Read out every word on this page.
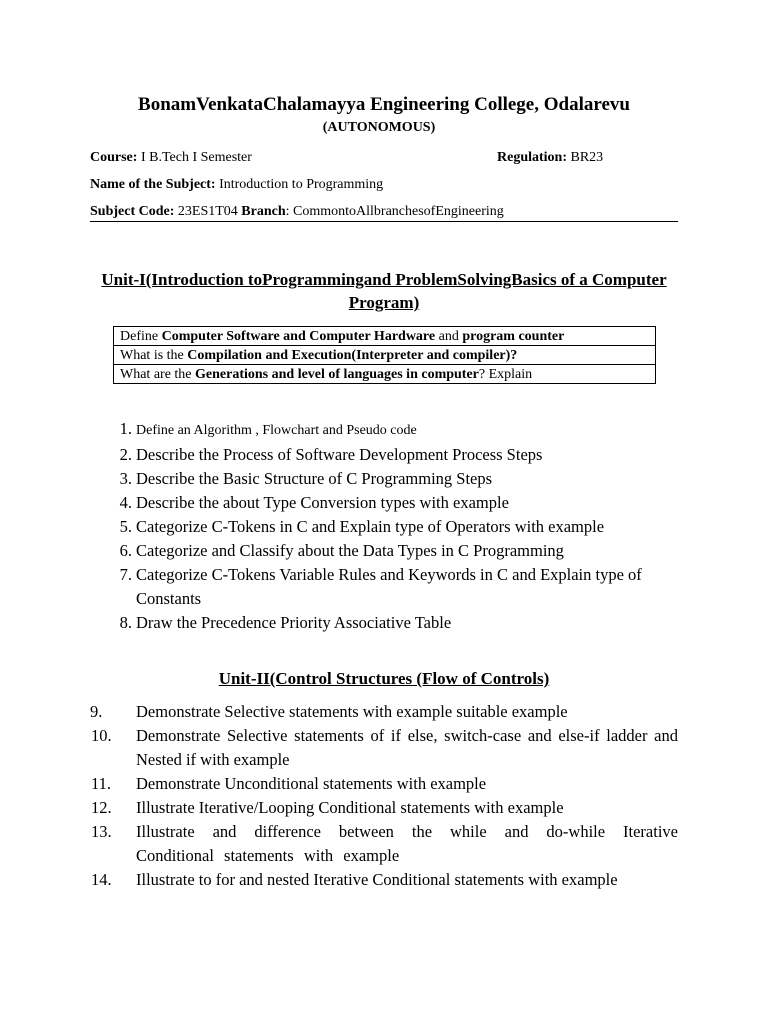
BonamVenkataChalamayya Engineering College, Odalarevu
(AUTONOMOUS)
Course: I B.Tech I Semester	Regulation: BR23
Name of the Subject: Introduction to Programming
Subject Code: 23ES1T04 Branch: CommontoAllbranchesofEngineering
Unit-I(Introduction toProgrammingand ProblemSolvingBasics of a Computer
Program)
Define Computer Software and Computer Hardware and program counter
What is the Compilation and Execution(Interpreter and compiler)?
What are the Generations and level of languages in computer? Explain
1. Define an Algorithm , Flowchart and Pseudo code
2. Describe the Process of Software Development Process Steps
3. Describe the Basic Structure of C Programming Steps
4. Describe the about Type Conversion types with example
5. Categorize C-Tokens in C and Explain type of Operators with example
6. Categorize and Classify about the Data Types in C Programming
7. Categorize C-Tokens Variable Rules and Keywords in C and Explain type of Constants
8. Draw the Precedence Priority Associative Table
Unit-II(Control Structures (Flow of Controls)
9.	Demonstrate Selective statements with example suitable example
10.	Demonstrate Selective statements of if else, switch-case and else-if ladder and Nested if with example
11.	Demonstrate Unconditional statements with example
12.	Illustrate Iterative/Looping Conditional statements with example
13.	Illustrate and difference between the while and do-while Iterative Conditional statements with example
14.	Illustrate to for and nested Iterative Conditional statements with example
